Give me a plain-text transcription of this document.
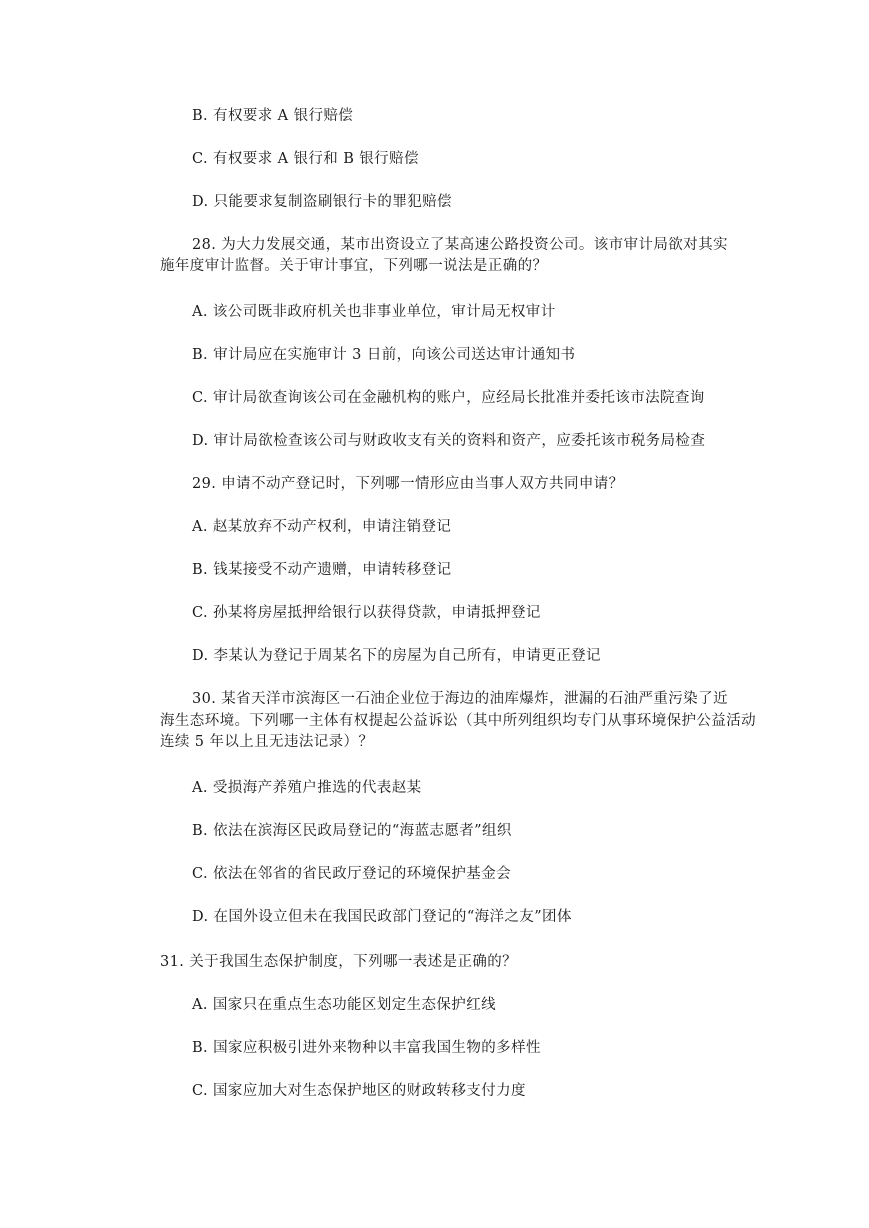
B. 有权要求 A 银行赔偿
C. 有权要求 A 银行和 B 银行赔偿
D. 只能要求复制盗刷银行卡的罪犯赔偿
28. 为大力发展交通，某市出资设立了某高速公路投资公司。该市审计局欲对其实
施年度审计监督。关于审计事宜，下列哪一说法是正确的？
A. 该公司既非政府机关也非事业单位，审计局无权审计
B. 审计局应在实施审计 3 日前，向该公司送达审计通知书
C. 审计局欲查询该公司在金融机构的账户，应经局长批准并委托该市法院查询
D. 审计局欲检查该公司与财政收支有关的资料和资产，应委托该市税务局检查
29. 申请不动产登记时，下列哪一情形应由当事人双方共同申请？
A. 赵某放弃不动产权利，申请注销登记
B. 钱某接受不动产遗赠，申请转移登记
C. 孙某将房屋抵押给银行以获得贷款，申请抵押登记
D. 李某认为登记于周某名下的房屋为自己所有，申请更正登记
30. 某省天洋市滨海区一石油企业位于海边的油库爆炸，泄漏的石油严重污染了近
海生态环境。下列哪一主体有权提起公益诉讼（其中所列组织均专门从事环境保护公益活动
连续 5 年以上且无违法记录）？
A. 受损海产养殖户推选的代表赵某
B. 依法在滨海区民政局登记的“海蓝志愿者”组织
C. 依法在邻省的省民政厅登记的环境保护基金会
D. 在国外设立但未在我国民政部门登记的“海洋之友”团体
31. 关于我国生态保护制度，下列哪一表述是正确的？
A. 国家只在重点生态功能区划定生态保护红线
B. 国家应积极引进外来物种以丰富我国生物的多样性
C. 国家应加大对生态保护地区的财政转移支付力度
